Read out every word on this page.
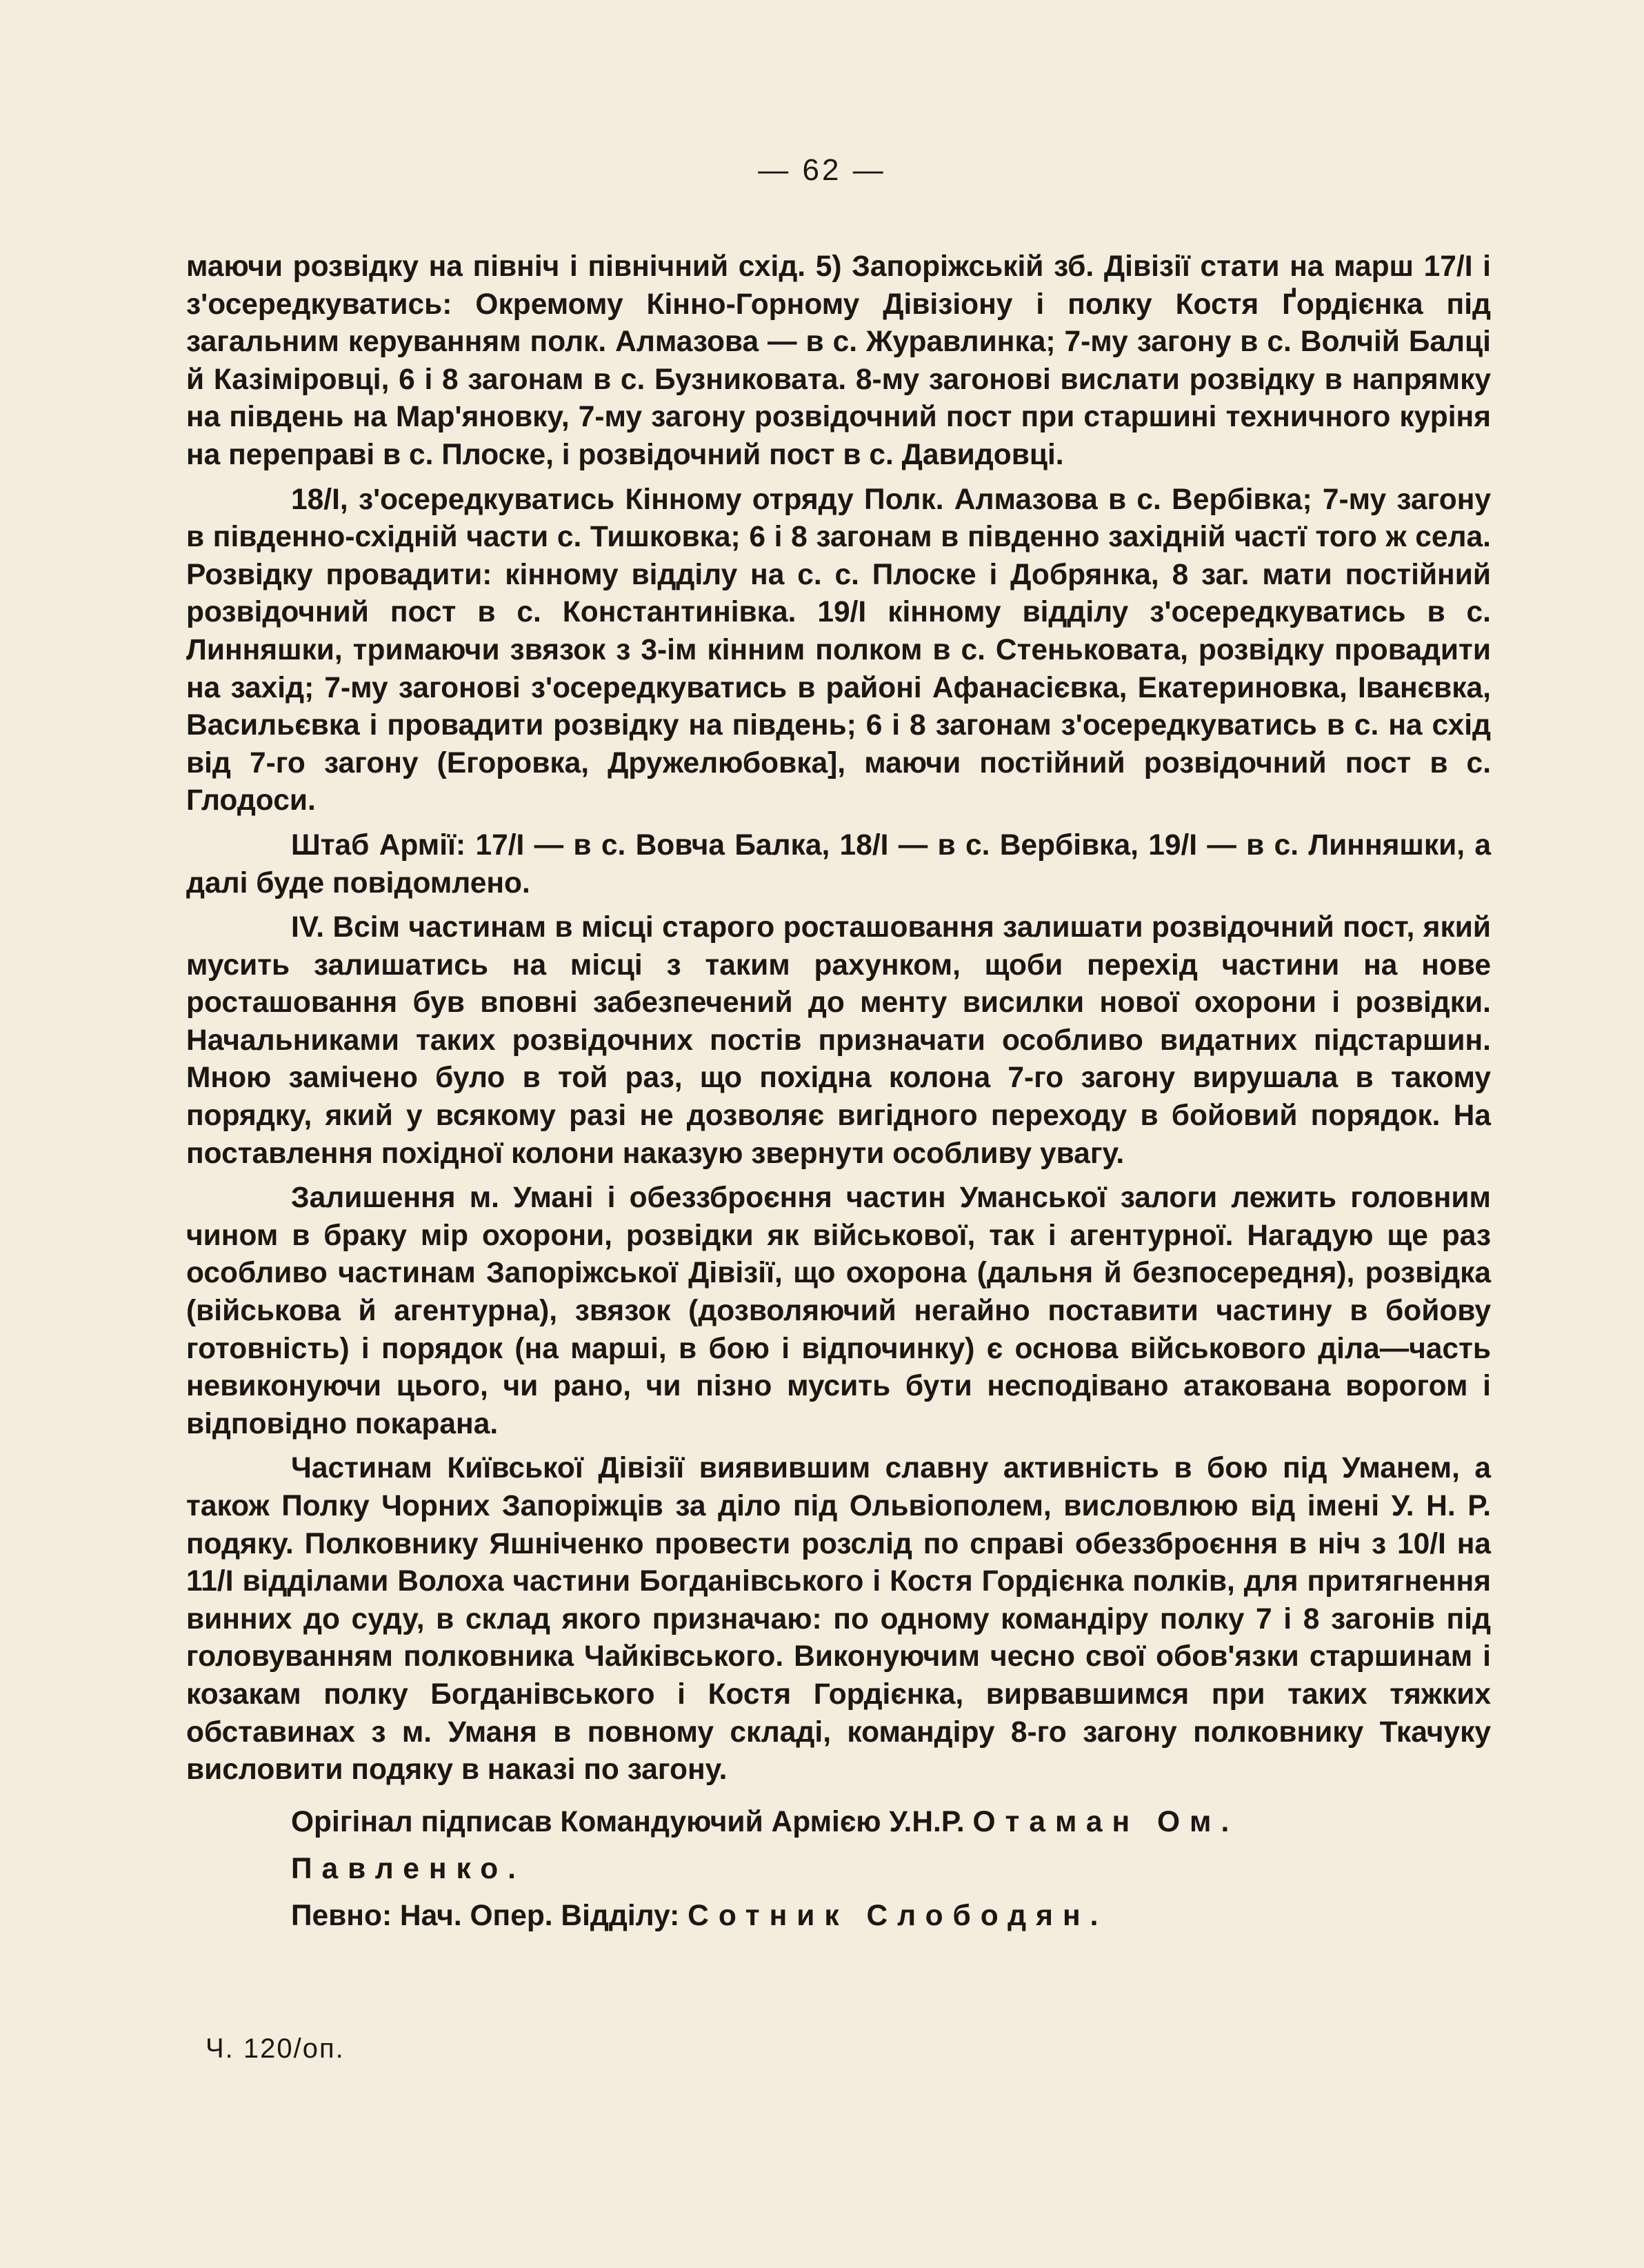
— 62 —

маючи розвідку на північ і північний схід. 5) Запоріжській зб. Дівізії стати на марш 17/I і з'осередкуватись: Окремому Кінно-Горному Дівізіону і полку Костя Ґордієнка під загальним керуванням полк. Алмазова — в с. Журавлинка; 7-му загону в с. Волчій Балці й Казіміровці, 6 і 8 загонам в с. Бузниковата. 8-му загонові вислати розвідку в напрямку на південь на Мар'яновку, 7-му загону розвідочний пост при старшині техничного куріня на переправі в с. Плоске, і розвідочний пост в с. Давидовці.

18/I, з'осередкуватись Кінному отряду Полк. Алмазова в с. Вербівка; 7-му загону в південно-східній части с. Тишковка; 6 і 8 загонам в південно західній частї того ж села. Розвідку провадити: кінному відділу на с. с. Плоске і Добрянка, 8 заг. мати постійний розвідочний пост в с. Константинівка. 19/I кінному відділу з'осередкуватись в с. Линняшки, тримаючи звязок з 3-ім кінним полком в с. Стеньковата, розвідку провадити на захід; 7-му загонові з'осередкуватись в районі Афанасієвка, Екатериновка, Іванєвка, Васильєвка і провадити розвідку на південь; 6 і 8 загонам з'осередкуватись в с. на схід від 7-го загону (Егоровка, Дружелюбовка], маючи постійний розвідочний пост в с. Глодоси.

Штаб Армії: 17/I — в с. Вовча Балка, 18/I — в с. Вербівка, 19/I — в с. Линняшки, а далі буде повідомлено.

IV. Всім частинам в місці старого росташовання залишати розвідочний пост, який мусить залишатись на місці з таким рахунком, щоби перехід частини на нове росташовання був вповні забезпечений до менту висилки нової охорони і розвідки. Начальниками таких розвідочних постів призначати особливо видатних підстаршин. Мною замічено було в той раз, що похідна колона 7-го загону вирушала в такому порядку, який у всякому разі не дозволяє вигідного переходу в бойовий порядок. На поставлення похідної колони наказую звернути особливу увагу.

Залишення м. Умані і обеззброєння частин Уманської залоги лежить головним чином в браку мір охорони, розвідки як військової, так і агентурної. Нагадую ще раз особливо частинам Запоріжської Дівізії, що охорона (дальня й безпосередня), розвідка (військова й агентурна), звязок (дозволяючий негайно поставити частину в бойову готовність) і порядок (на марші, в бою і відпочинку) є основа військового діла—часть невиконуючи цього, чи рано, чи пізно мусить бути несподівано атакована ворогом і відповідно покарана.

Частинам Київської Дівізії виявившим славну активність в бою під Уманем, а також Полку Чорних Запоріжців за діло під Ольвіополем, висловлюю від імені У. Н. Р. подяку. Полковнику Яшніченко провести розслід по справі обеззброєння в ніч з 10/I на 11/I відділами Волоха частини Богданівського і Костя Гордієнка полків, для притягнення винних до суду, в склад якого призначаю: по одному командіру полку 7 і 8 загонів під головуванням полковника Чайківського. Виконуючим чесно свої обов'язки старшинам і козакам полку Богданівського і Костя Гордієнка, вирвавшимся при таких тяжких обставинах з м. Уманя в повному складі, командіру 8-го загону полковнику Ткачуку висловити подяку в наказі по загону.

Орігінал підписав Командуючий Армією У.Н.Р. Отаман Ом. Павленко.

Певно: Нач. Опер. Відділу: Сотник Слободян.

Ч. 120/оп.
